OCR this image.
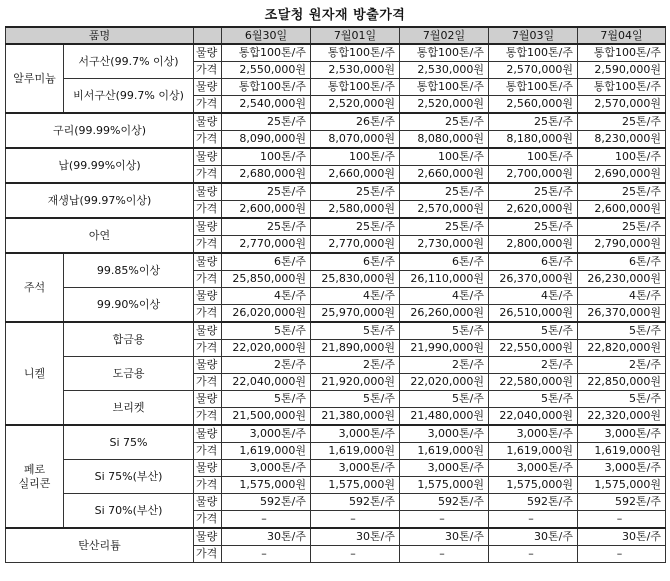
조달청 원자재 방출가격
품명			6월30일	7월01일	7월02일	7월03일	7월04일
알루미늄	서구산(99.7% 이상)	물량	통합100톤/주	통합100톤/주	통합100톤/주	통합100톤/주	통합100톤/주
		가격	2,550,000원	2,530,000원	2,530,000원	2,570,000원	2,590,000원
	비서구산(99.7% 이상)	물량	통합100톤/주	통합100톤/주	통합100톤/주	통합100톤/주	통합100톤/주
		가격	2,540,000원	2,520,000원	2,520,000원	2,560,000원	2,570,000원
구리(99.99%이상)		물량	25톤/주	26톤/주	25톤/주	25톤/주	25톤/주
		가격	8,090,000원	8,070,000원	8,080,000원	8,180,000원	8,230,000원
납(99.99%이상)		물량	100톤/주	100톤/주	100톤/주	100톤/주	100톤/주
		가격	2,680,000원	2,660,000원	2,660,000원	2,700,000원	2,690,000원
재생납(99.97%이상)		물량	25톤/주	25톤/주	25톤/주	25톤/주	25톤/주
		가격	2,600,000원	2,580,000원	2,570,000원	2,620,000원	2,600,000원
아연		물량	25톤/주	25톤/주	25톤/주	25톤/주	25톤/주
		가격	2,770,000원	2,770,000원	2,730,000원	2,800,000원	2,790,000원
주석	99.85%이상	물량	6톤/주	6톤/주	6톤/주	6톤/주	6톤/주
		가격	25,850,000원	25,830,000원	26,110,000원	26,370,000원	26,230,000원
	99.90%이상	물량	4톤/주	4톤/주	4톤/주	4톤/주	4톤/주
		가격	26,020,000원	25,970,000원	26,260,000원	26,510,000원	26,370,000원
니켈	합금용	물량	5톤/주	5톤/주	5톤/주	5톤/주	5톤/주
		가격	22,020,000원	21,890,000원	21,990,000원	22,550,000원	22,820,000원
	도금용	물량	2톤/주	2톤/주	2톤/주	2톤/주	2톤/주
		가격	22,040,000원	21,920,000원	22,020,000원	22,580,000원	22,850,000원
	브리켓	물량	5톤/주	5톤/주	5톤/주	5톤/주	5톤/주
		가격	21,500,000원	21,380,000원	21,480,000원	22,040,000원	22,320,000원
페로
실리콘	Si 75%	물량	3,000톤/주	3,000톤/주	3,000톤/주	3,000톤/주	3,000톤/주
		가격	1,619,000원	1,619,000원	1,619,000원	1,619,000원	1,619,000원
	Si 75%(부산)	물량	3,000톤/주	3,000톤/주	3,000톤/주	3,000톤/주	3,000톤/주
		가격	1,575,000원	1,575,000원	1,575,000원	1,575,000원	1,575,000원
	Si 70%(부산)	물량	592톤/주	592톤/주	592톤/주	592톤/주	592톤/주
		가격	–	–	–	–	–
탄산리튬		물량	30톤/주	30톤/주	30톤/주	30톤/주	30톤/주
		가격	–	–	–	–	–
